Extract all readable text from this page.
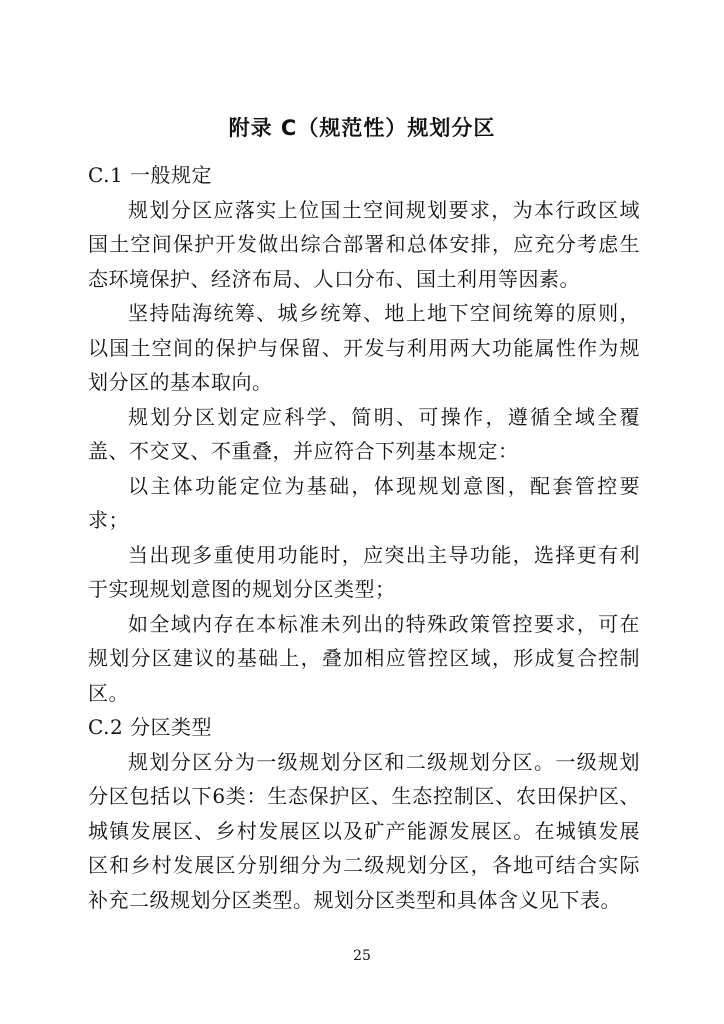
附录 C（规范性）规划分区

C.1 一般规定

规划分区应落实上位国土空间规划要求，为本行政区域国土空间保护开发做出综合部署和总体安排，应充分考虑生态环境保护、经济布局、人口分布、国土利用等因素。

坚持陆海统筹、城乡统筹、地上地下空间统筹的原则，以国土空间的保护与保留、开发与利用两大功能属性作为规划分区的基本取向。

规划分区划定应科学、简明、可操作，遵循全域全覆盖、不交叉、不重叠，并应符合下列基本规定：

以主体功能定位为基础，体现规划意图，配套管控要求；

当出现多重使用功能时，应突出主导功能，选择更有利于实现规划意图的规划分区类型；

如全域内存在本标准未列出的特殊政策管控要求，可在规划分区建议的基础上，叠加相应管控区域，形成复合控制区。

C.2 分区类型

规划分区分为一级规划分区和二级规划分区。一级规划分区包括以下6类：生态保护区、生态控制区、农田保护区、城镇发展区、乡村发展区以及矿产能源发展区。在城镇发展区和乡村发展区分别细分为二级规划分区，各地可结合实际补充二级规划分区类型。规划分区类型和具体含义见下表。

25
